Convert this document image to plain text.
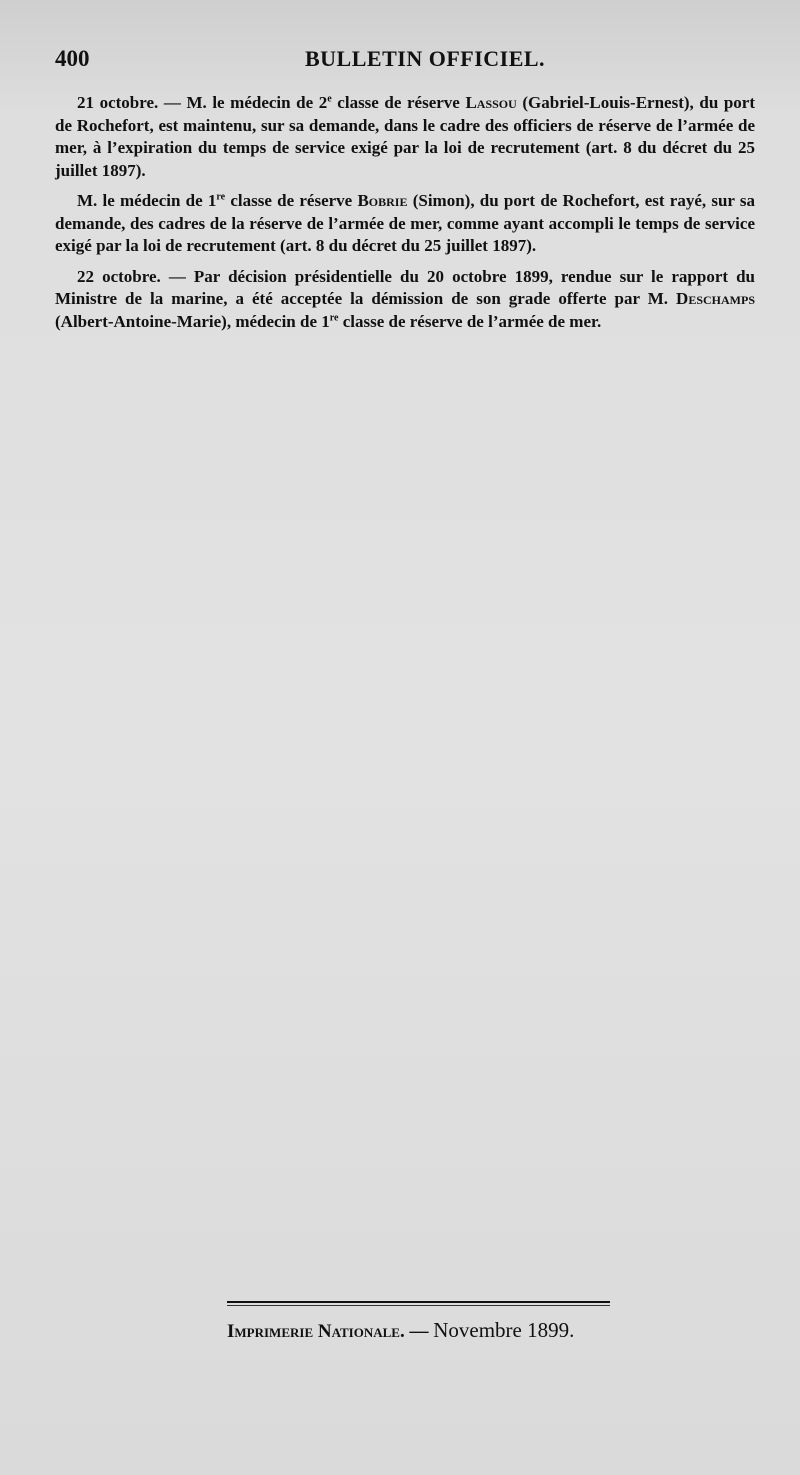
400	BULLETIN OFFICIEL.

21 octobre. — M. le médecin de 2e classe de réserve Lassou (Gabriel-Louis-Ernest), du port de Rochefort, est maintenu, sur sa demande, dans le cadre des officiers de réserve de l’armée de mer, à l’expiration du temps de service exigé par la loi de recrutement (art. 8 du décret du 25 juillet 1897).

M. le médecin de 1re classe de réserve Bobrie (Simon), du port de Rochefort, est rayé, sur sa demande, des cadres de la réserve de l’armée de mer, comme ayant accompli le temps de service exigé par la loi de recrutement (art. 8 du décret du 25 juillet 1897).

22 octobre. — Par décision présidentielle du 20 octobre 1899, rendue sur le rapport du Ministre de la marine, a été acceptée la démission de son grade offerte par M. Deschamps (Albert-Antoine-Marie), médecin de 1re classe de réserve de l’armée de mer.

Imprimerie Nationale. — Novembre 1899.
